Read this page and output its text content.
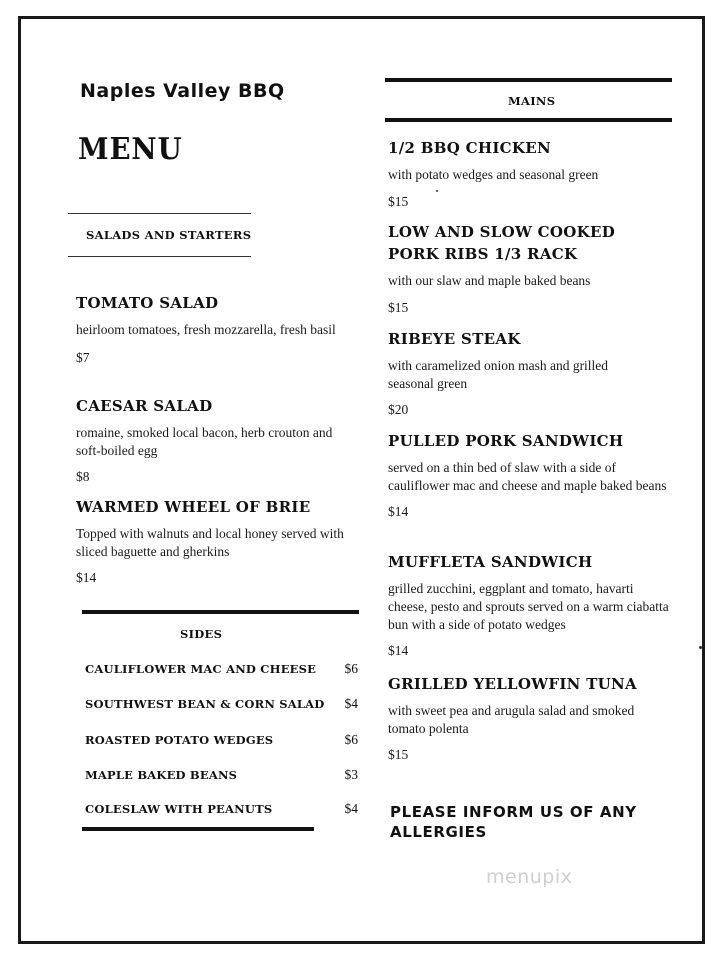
Naples Valley BBQ
MENU
SALADS AND STARTERS
TOMATO SALAD
heirloom tomatoes, fresh mozzarella, fresh basil
$7
CAESAR SALAD
romaine, smoked local bacon, herb crouton and soft-boiled egg
$8
WARMED WHEEL OF BRIE
Topped with walnuts and local honey served with sliced baguette and gherkins
$14
SIDES
CAULIFLOWER MAC AND CHEESE $6
SOUTHWEST BEAN & CORN SALAD $4
ROASTED POTATO WEDGES	$6
MAPLE BAKED BEANS	$3
COLESLAW WITH PEANUTS	$4
MAINS
1/2 BBQ CHICKEN
with potato wedges and seasonal green
$15
LOW AND SLOW COOKED PORK RIBS 1/3 RACK
with our slaw and maple baked beans
$15
RIBEYE STEAK
with caramelized onion mash and grilled seasonal green
$20
PULLED PORK SANDWICH
served on a thin bed of slaw with a side of cauliflower mac and cheese and maple baked beans
$14
MUFFLETA SANDWICH
grilled zucchini, eggplant and tomato, havarti cheese, pesto and sprouts served on a warm ciabatta bun with a side of potato wedges
$14
GRILLED YELLOWFIN TUNA
with sweet pea and arugula salad and smoked tomato polenta
$15
PLEASE INFORM US OF ANY ALLERGIES
menupix
